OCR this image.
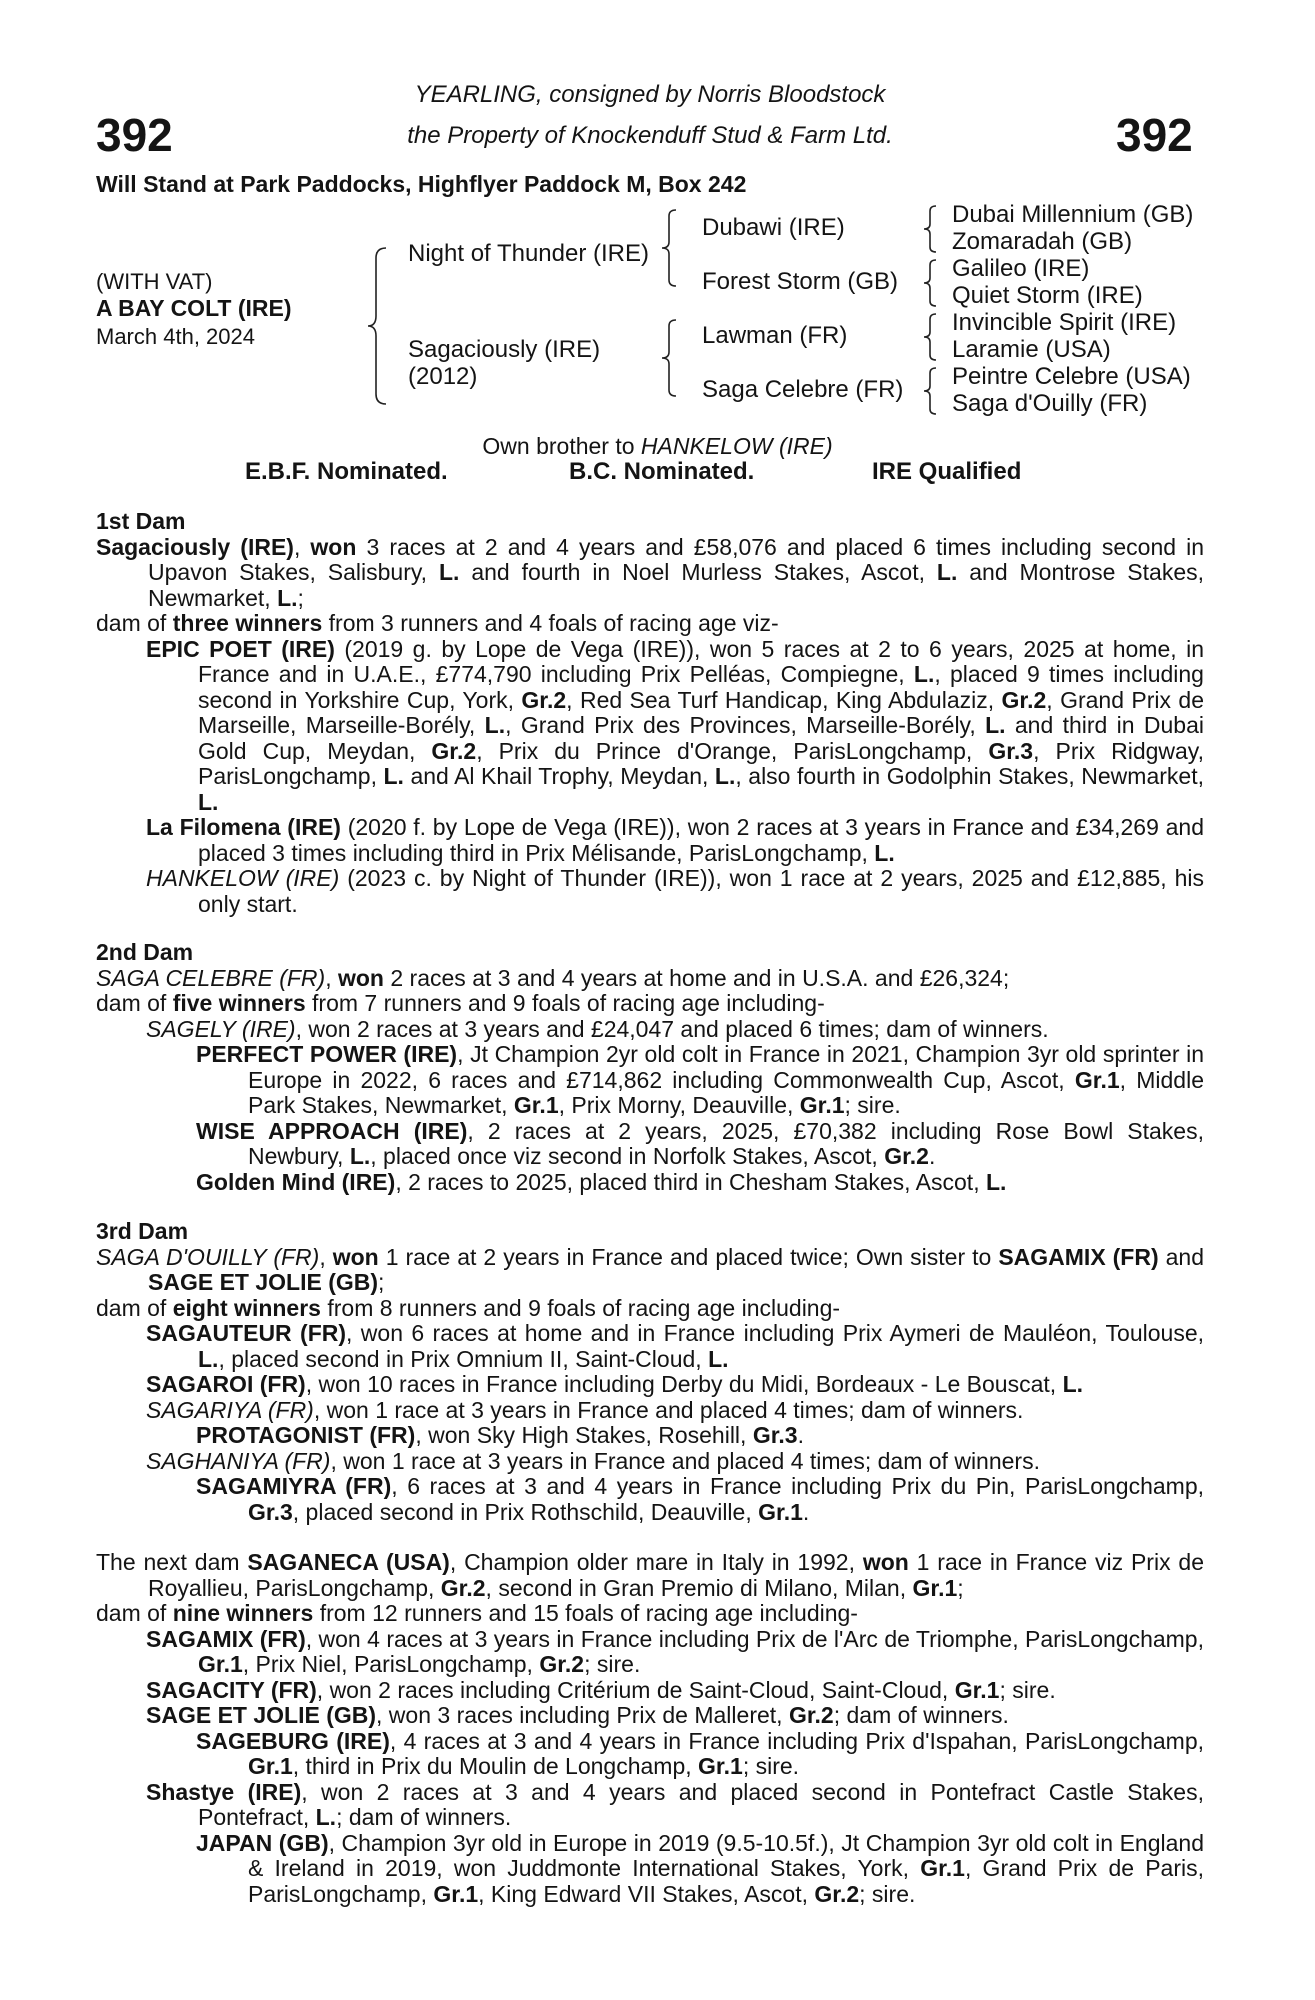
392	392
YEARLING, consigned by Norris Bloodstock
the Property of Knockenduff Stud & Farm Ltd.
Will Stand at Park Paddocks, Highflyer Paddock M, Box 242
(WITH VAT)
A BAY COLT (IRE)
March 4th, 2024
Night of Thunder (IRE)
Sagaciously (IRE)
(2012)
Dubawi (IRE)
Forest Storm (GB)
Lawman (FR)
Saga Celebre (FR)
Dubai Millennium (GB)
Zomaradah (GB)
Galileo (IRE)
Quiet Storm (IRE)
Invincible Spirit (IRE)
Laramie (USA)
Peintre Celebre (USA)
Saga d'Ouilly (FR)
Own brother to HANKELOW (IRE)
E.B.F. Nominated.	B.C. Nominated.	IRE Qualified
1st Dam
Sagaciously (IRE), won 3 races at 2 and 4 years and £58,076 and placed 6 times including second in Upavon Stakes, Salisbury, L. and fourth in Noel Murless Stakes, Ascot, L. and Montrose Stakes, Newmarket, L.;
dam of three winners from 3 runners and 4 foals of racing age viz-
EPIC POET (IRE) (2019 g. by Lope de Vega (IRE)), won 5 races at 2 to 6 years, 2025 at home, in France and in U.A.E., £774,790 including Prix Pelléas, Compiegne, L., placed 9 times including second in Yorkshire Cup, York, Gr.2, Red Sea Turf Handicap, King Abdulaziz, Gr.2, Grand Prix de Marseille, Marseille-Borély, L., Grand Prix des Provinces, Marseille-Borély, L. and third in Dubai Gold Cup, Meydan, Gr.2, Prix du Prince d'Orange, ParisLongchamp, Gr.3, Prix Ridgway, ParisLongchamp, L. and Al Khail Trophy, Meydan, L., also fourth in Godolphin Stakes, Newmarket, L.
La Filomena (IRE) (2020 f. by Lope de Vega (IRE)), won 2 races at 3 years in France and £34,269 and placed 3 times including third in Prix Mélisande, ParisLongchamp, L.
HANKELOW (IRE) (2023 c. by Night of Thunder (IRE)), won 1 race at 2 years, 2025 and £12,885, his only start.
2nd Dam
SAGA CELEBRE (FR), won 2 races at 3 and 4 years at home and in U.S.A. and £26,324;
dam of five winners from 7 runners and 9 foals of racing age including-
SAGELY (IRE), won 2 races at 3 years and £24,047 and placed 6 times; dam of winners.
PERFECT POWER (IRE), Jt Champion 2yr old colt in France in 2021, Champion 3yr old sprinter in Europe in 2022, 6 races and £714,862 including Commonwealth Cup, Ascot, Gr.1, Middle Park Stakes, Newmarket, Gr.1, Prix Morny, Deauville, Gr.1; sire.
WISE APPROACH (IRE), 2 races at 2 years, 2025, £70,382 including Rose Bowl Stakes, Newbury, L., placed once viz second in Norfolk Stakes, Ascot, Gr.2.
Golden Mind (IRE), 2 races to 2025, placed third in Chesham Stakes, Ascot, L.
3rd Dam
SAGA D'OUILLY (FR), won 1 race at 2 years in France and placed twice; Own sister to SAGAMIX (FR) and SAGE ET JOLIE (GB);
dam of eight winners from 8 runners and 9 foals of racing age including-
SAGAUTEUR (FR), won 6 races at home and in France including Prix Aymeri de Mauléon, Toulouse, L., placed second in Prix Omnium II, Saint-Cloud, L.
SAGAROI (FR), won 10 races in France including Derby du Midi, Bordeaux - Le Bouscat, L.
SAGARIYA (FR), won 1 race at 3 years in France and placed 4 times; dam of winners.
PROTAGONIST (FR), won Sky High Stakes, Rosehill, Gr.3.
SAGHANIYA (FR), won 1 race at 3 years in France and placed 4 times; dam of winners.
SAGAMIYRA (FR), 6 races at 3 and 4 years in France including Prix du Pin, ParisLongchamp, Gr.3, placed second in Prix Rothschild, Deauville, Gr.1.
The next dam SAGANECA (USA), Champion older mare in Italy in 1992, won 1 race in France viz Prix de Royallieu, ParisLongchamp, Gr.2, second in Gran Premio di Milano, Milan, Gr.1;
dam of nine winners from 12 runners and 15 foals of racing age including-
SAGAMIX (FR), won 4 races at 3 years in France including Prix de l'Arc de Triomphe, ParisLongchamp, Gr.1, Prix Niel, ParisLongchamp, Gr.2; sire.
SAGACITY (FR), won 2 races including Critérium de Saint-Cloud, Saint-Cloud, Gr.1; sire.
SAGE ET JOLIE (GB), won 3 races including Prix de Malleret, Gr.2; dam of winners.
SAGEBURG (IRE), 4 races at 3 and 4 years in France including Prix d'Ispahan, ParisLongchamp, Gr.1, third in Prix du Moulin de Longchamp, Gr.1; sire.
Shastye (IRE), won 2 races at 3 and 4 years and placed second in Pontefract Castle Stakes, Pontefract, L.; dam of winners.
JAPAN (GB), Champion 3yr old in Europe in 2019 (9.5-10.5f.), Jt Champion 3yr old colt in England & Ireland in 2019, won Juddmonte International Stakes, York, Gr.1, Grand Prix de Paris, ParisLongchamp, Gr.1, King Edward VII Stakes, Ascot, Gr.2; sire.
